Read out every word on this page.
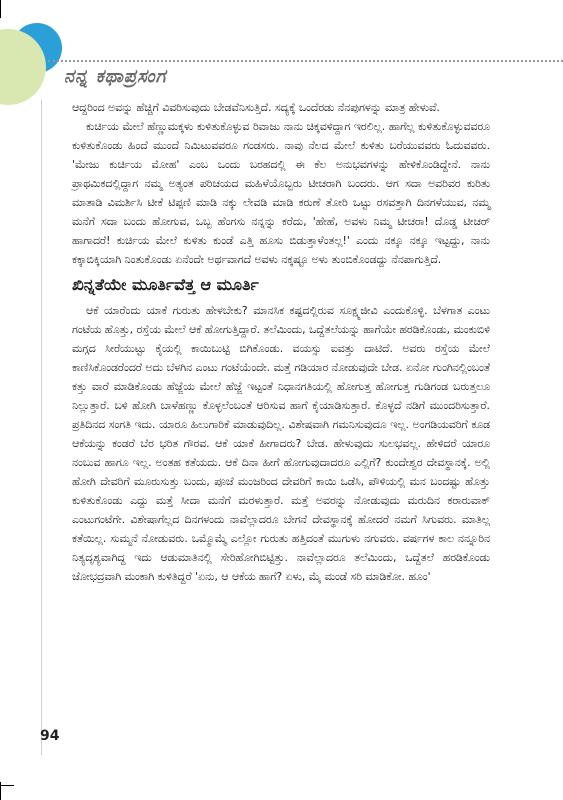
ನನ್ನ ಕಥಾಪ್ರಸಂಗ

ಆದ್ದರಿಂದ ಅವನ್ನು ಹೆಚ್ಚಿಗೆ ವಿವರಿಸುವುದು ಬೇಡವೆನಿಸುತ್ತಿದೆ. ಸದ್ಯಕ್ಕೆ ಒಂದೆರಡು ನೆನಪುಗಳನ್ನು ಮಾತ್ರ ಹೇಳುವೆ.

ಕುರ್ಚಿಯ ಮೇಲೆ ಹೆಣ್ಣುಮಕ್ಕಳು ಕುಳಿತುಕೊಳ್ಳುವ ರಿವಾಜು ನಾನು ಚಿಕ್ಕವಳಿದ್ದಾಗ ಇರಲಿಲ್ಲ. ಹಾಗೆಲ್ಲ ಕುಳಿತುಕೊಳ್ಳುವವರೂ ಕುಳಿತುಕೊಂಡು ಹಿಂದೆ ಮುಂದೆ ನಿಮಿಟುವವರೂ ಗಂಡಸರು. ನಾವು ನೆಲದ ಮೇಲೆ ಕುಳಿತು ಬರೆಯುವವರು ಓದುವವರು. 'ಮೇಜು ಕುರ್ಚಿಯ ಮೋಹ' ಎಂಬ ಒಂದು ಬರಹದಲ್ಲಿ ಈ ಕೆಲ ಅನುಭವಗಳನ್ನು ಹೇಳಿಕೊಂಡಿದ್ದೇನೆ. ನಾನು ಪ್ರಾಥಮಿಕದಲ್ಲಿದ್ದಾಗ ನಮ್ಮ ಅತ್ಯಂತ ಪರಿಚಯದ ಮಹಿಳೆಯೊಬ್ಬರು ಟೀಚರಾಗಿ ಬಂದರು. ಆಗ ಸದಾ ಅವರಿವರ ಕುರಿತು ಮಾತಾಡಿ ವಿಮರ್ಶಿಸಿ ಟೀಕೆ ಟಿಪ್ಪಣಿ ಮಾಡಿ ನಕ್ಕು ಲೇವಡಿ ಮಾಡಿ ಕರುಣೆ ತೋರಿ ಒಟ್ಟು ರಸವತ್ತಾಗಿ ದಿನಗಳೆಯುವ, ನಮ್ಮ ಮನೆಗೆ ಸದಾ ಬಂದು ಹೋಗುವ, ಒಬ್ಬ ಹೆಂಗಸು ನನ್ನನ್ನು ಕರೆದು, 'ಹೇಹೆ, ಅವಳು ನಿಮ್ಮ ಟೀಚರಾ! ದೊಡ್ಡ ಟೀಚರ್ ಹಾಗಾದರೆ! ಕುರ್ಚಿಯ ಮೇಲೆ ಕುಳಿತು ಕುಂಡೆ ಎತ್ತಿ ಹೂಸು ಬಿಡುತ್ತಾಳೆಂತಲ್ಲ!' ಎಂದು ನಕ್ಕೂ ನಕ್ಕೂ ಇಟ್ಟದ್ದು, ನಾನು ಕಕ್ಕಾಬಿಕ್ಕಿಯಾಗಿ ನಿಂತುಕೊಂಡು ಏನೆಂದೇ ಅರ್ಥವಾಗದೆ ಅವಳು ನಕ್ಕಷ್ಟೂ ಅಳು ತುಂಬಿಕೊಂಡದ್ದು ನೆನಪಾಗುತ್ತಿದೆ.

ಖಿನ್ನತೆಯೇ ಮೂರ್ತಿವೆತ್ತ ಆ ಮೂರ್ತಿ

ಆಕೆ ಯಾರೆಂದು ಯಾಕೆ ಗುರುತು ಹೇಳಬೇಕು? ಮಾನಸಿಕ ಕಷ್ಟದಲ್ಲಿರುವ ಸೂಕ್ಷ್ಮಜೀವಿ ಎಂದುಕೊಳ್ಳಿ. ಬೆಳಗಾತ ಎಂಟು ಗಂಟೆಯ ಹೊತ್ತು, ರಸ್ತೆಯ ಮೇಲೆ ಆಕೆ ಹೋಗುತ್ತಿದ್ದಾರೆ. ತಲೆಮಿಂದು, ಒದ್ದೆತಲೆಯನ್ನು ಹಾಗೆಯೇ ಹರಡಿಕೊಂಡು, ಮಂಕುಬಿಳಿ ಮಗ್ಗದ ಸೀರೆಯುಟ್ಟು ಕೈಯಲ್ಲಿ ಕಾಯಿಬುಟ್ಟಿ ಬಿಗಿಕೊಂಡು. ವಯಸ್ಸು ಐವತ್ತು ದಾಟಿದೆ. ಅವರು ರಸ್ತೆಯ ಮೇಲೆ ಕಾಣಿಸಿಕೊಂಡರೆಂದರೆ ಅದು ಬೆಳಗಿನ ಎಂಟು ಗಂಟೆಯೆಂದೇ. ಮತ್ತೆ ಗಡಿಯಾರ ನೋಡುವುದೇ ಬೇಡ. ಏನೋ ಗುಂಗಿನಲ್ಲಿಂಬಂತೆ ಕತ್ತು ವಾರೆ ಮಾಡಿಕೊಂಡು ಹೆಜ್ಜೆಯ ಮೇಲೆ ಹೆಜ್ಜೆ ಇಟ್ಟಂತೆ ನಿಧಾನಗತಿಯಲ್ಲಿ ಹೋಗುತ್ತ ಹೋಗುತ್ತ ಗುಡಿಗಂಡ ಬರುತ್ತಲೂ ನಿಲ್ಲುತ್ತಾರೆ. ಬಳಿ ಹೋಗಿ ಬಾಳೆಹಣ್ಣು ಕೊಳ್ಳಲೆಂಬಂತೆ ಆರಿಸುವ ಹಾಗೆ ಕೈಯಾಡಿಸುತ್ತಾರೆ. ಕೊಳ್ಳದೆ ನಡಿಗೆ ಮುಂದರಿಸುತ್ತಾರೆ. ಪ್ರತಿದಿನದ ಸಂಗತಿ ಇದು. ಯಾರೂ ಹಿಲುಗಾರಿಕೆ ಮಾಡುವುದಿಲ್ಲ. ವಿಶೇಷವಾಗಿ ಗಮನಿಸುವುದೂ ಇಲ್ಲ. ಅಂಗಡಿಯವರಿಗೆ ಕೂಡ ಆಕೆಯನ್ನು ಕಂಡರೆ ಬೆರ ಭರಿತ ಗೌರವ. ಆಕೆ ಯಾಕೆ ಹೀಗಾದರು? ಬೇಡ. ಹೇಳುವುದು ಸುಲಭವಲ್ಲ. ಹೇಳಿದರೆ ಯಾರೂ ನಂಬುವ ಹಾಗೂ ಇಲ್ಲ. ಅಂತಹ ಕತೆಯದು. ಆಕೆ ದಿನಾ ಹೀಗೆ ಹೋಗುವುದಾದರೂ ಎಲ್ಲಿಗೆ? ಕುಂದೇಶ್ವರ ದೇವಸ್ಥಾನಕ್ಕೆ. ಅಲ್ಲಿ ಹೋಗಿ ದೇವರಿಗೆ ಮೂರುಸುತ್ತು ಬಂದು, ಪೂಜೆ ಮಂಜರಿಂದ ದೇವರಿಗೆ ಕಾಯಿ ಒಡೆಸಿ, ಪೌಳಿಯಲ್ಲಿ ಮನ ಬಂದಷ್ಟು ಹೊತ್ತು ಕುಳಿತುಕೊಂಡು ಎದ್ದು ಮತ್ತೆ ಸೀದಾ ಮನೆಗೆ ಮರಳುತ್ತಾರೆ. ಮತ್ತೆ ಅವರನ್ನು ನೋಡುವುದು ಮರುದಿನ ಕರಾರುವಾಕ್ ಎಂಟುಗಂಟೆಗೇ. ವಿಶೇಷಾಗೆಲ್ಲದ ದಿನಗಳಂದು ನಾವೆಲ್ಲಾದರೂ ಬೇಗನೆ ದೇವಸ್ಥಾನಕ್ಕೆ ಹೋದರೆ ನಮಗೆ ಸಿಗುವರು. ಮಾತಿಲ್ಲ ಕತೆಯಿಲ್ಲ. ಸುಮ್ಮನೆ ನೋಡುವರು. ಒಮ್ಮೊಮ್ಮೆ ಎಲ್ಲೋ ಗುರುತು ಹತ್ತಿದಂತೆ ಮುಗುಳು ನಗುವರು. ವರ್ಷಗಳ ಕಾಲ ನನ್ನೂರಿನ ನಿತ್ಯದೃಶ್ಯವಾಗಿದ್ದ ಇದು ಆಡುಮಾತಿನಲ್ಲಿ ಸೇರಿಹೋಗಿಬಿಟ್ಟಿತ್ತು. ನಾವೆಲ್ಲಾದರೂ ತಲೆಮಿಂದು, ಒದ್ದೆತಲೆ ಹರಡಿಕೊಂಡು ಜೋಭದ್ರವಾಗಿ ಮಂಕಾಗಿ ಕುಳಿತಿದ್ದರೆ 'ಏನು, ಆ ಆಕೆಯ ಹಾಗೆ? ಏಳು, ಮೈ ಮಂಡೆ ಸರಿ ಮಾಡಿಕೋ. ಹೂಂ'

94
